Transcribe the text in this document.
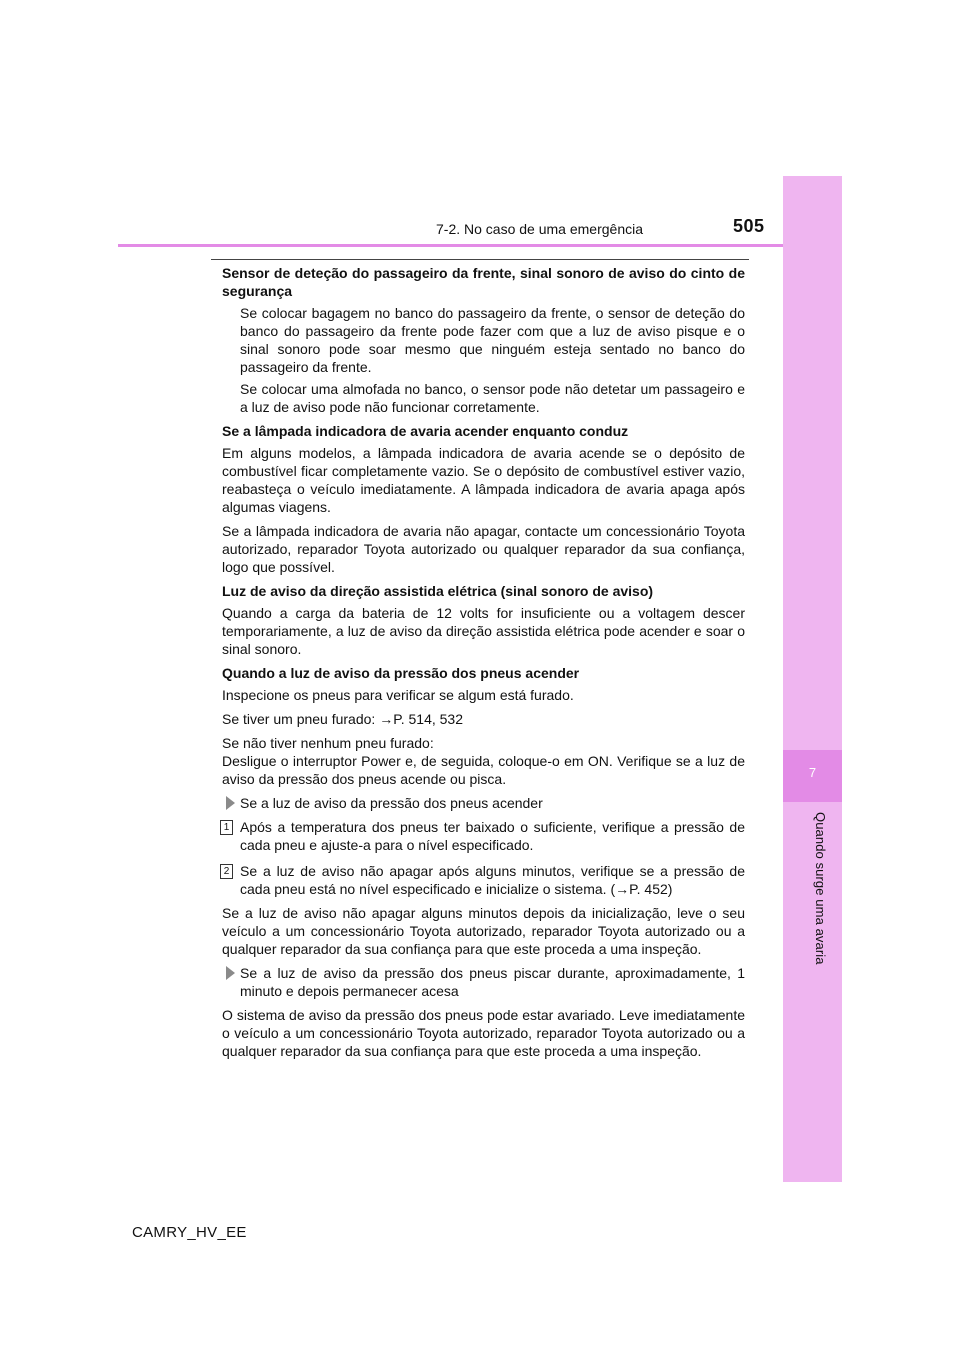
7
Quando surge uma avaria
7-2. No caso de uma emergência	505

Sensor de deteção do passageiro da frente, sinal sonoro de aviso do cinto de segurança

Se colocar bagagem no banco do passageiro da frente, o sensor de deteção do banco do passageiro da frente pode fazer com que a luz de aviso pisque e o sinal sonoro pode soar mesmo que ninguém esteja sentado no banco do passageiro da frente.

Se colocar uma almofada no banco, o sensor pode não detetar um passageiro e a luz de aviso pode não funcionar corretamente.

Se a lâmpada indicadora de avaria acender enquanto conduz

Em alguns modelos, a lâmpada indicadora de avaria acende se o depósito de combustível ficar completamente vazio. Se o depósito de combustível estiver vazio, reabasteça o veículo imediatamente. A lâmpada indicadora de avaria apaga após algumas viagens.

Se a lâmpada indicadora de avaria não apagar, contacte um concessionário Toyota autorizado, reparador Toyota autorizado ou qualquer reparador da sua confiança, logo que possível.

Luz de aviso da direção assistida elétrica (sinal sonoro de aviso)

Quando a carga da bateria de 12 volts for insuficiente ou a voltagem descer temporariamente, a luz de aviso da direção assistida elétrica pode acender e soar o sinal sonoro.

Quando a luz de aviso da pressão dos pneus acender

Inspecione os pneus para verificar se algum está furado.

Se tiver um pneu furado: →P. 514, 532

Se não tiver nenhum pneu furado:

Desligue o interruptor Power e, de seguida, coloque-o em ON. Verifique se a luz de aviso da pressão dos pneus acende ou pisca.

Se a luz de aviso da pressão dos pneus acender
1 Após a temperatura dos pneus ter baixado o suficiente, verifique a pressão de cada pneu e ajuste-a para o nível especificado.

2 Se a luz de aviso não apagar após alguns minutos, verifique se a pressão de cada pneu está no nível especificado e inicialize o sistema. (→P. 452)

Se a luz de aviso não apagar alguns minutos depois da inicialização, leve o seu veículo a um concessionário Toyota autorizado, reparador Toyota autorizado ou a qualquer reparador da sua confiança para que este proceda a uma inspeção.

Se a luz de aviso da pressão dos pneus piscar durante, aproximadamente, 1 minuto e depois permanecer acesa

O sistema de aviso da pressão dos pneus pode estar avariado. Leve imediatamente o veículo a um concessionário Toyota autorizado, reparador Toyota autorizado ou a qualquer reparador da sua confiança para que este proceda a uma inspeção.

CAMRY_HV_EE
